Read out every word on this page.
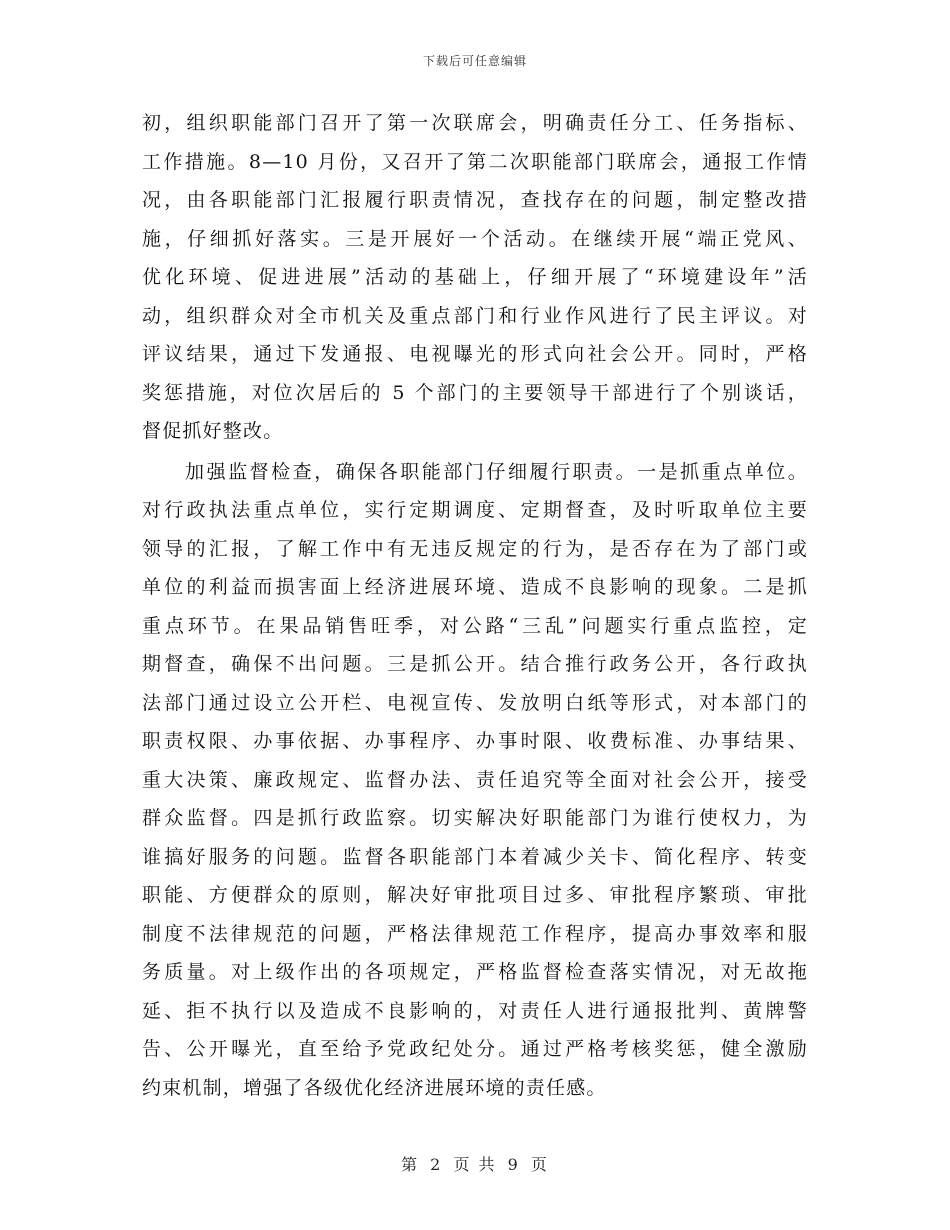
下载后可任意编辑
初，组织职能部门召开了第一次联席会，明确责任分工、任务指标、
工作措施。8—10 月份，又召开了第二次职能部门联席会，通报工作情
况，由各职能部门汇报履行职责情况，查找存在的问题，制定整改措
施，仔细抓好落实。三是开展好一个活动。在继续开展“端正党风、
优化环境、促进进展”活动的基础上，仔细开展了“环境建设年”活
动，组织群众对全市机关及重点部门和行业作风进行了民主评议。对
评议结果，通过下发通报、电视曝光的形式向社会公开。同时，严格
奖惩措施，对位次居后的 5 个部门的主要领导干部进行了个别谈话，
督促抓好整改。
　　加强监督检查，确保各职能部门仔细履行职责。一是抓重点单位。
对行政执法重点单位，实行定期调度、定期督查，及时听取单位主要
领导的汇报，了解工作中有无违反规定的行为，是否存在为了部门或
单位的利益而损害面上经济进展环境、造成不良影响的现象。二是抓
重点环节。在果品销售旺季，对公路“三乱”问题实行重点监控，定
期督查，确保不出问题。三是抓公开。结合推行政务公开，各行政执
法部门通过设立公开栏、电视宣传、发放明白纸等形式，对本部门的
职责权限、办事依据、办事程序、办事时限、收费标准、办事结果、
重大决策、廉政规定、监督办法、责任追究等全面对社会公开，接受
群众监督。四是抓行政监察。切实解决好职能部门为谁行使权力，为
谁搞好服务的问题。监督各职能部门本着减少关卡、简化程序、转变
职能、方便群众的原则，解决好审批项目过多、审批程序繁琐、审批
制度不法律规范的问题，严格法律规范工作程序，提高办事效率和服
务质量。对上级作出的各项规定，严格监督检查落实情况，对无故拖
延、拒不执行以及造成不良影响的，对责任人进行通报批判、黄牌警
告、公开曝光，直至给予党政纪处分。通过严格考核奖惩，健全激励
约束机制，增强了各级优化经济进展环境的责任感。
第 2 页 共 9 页
